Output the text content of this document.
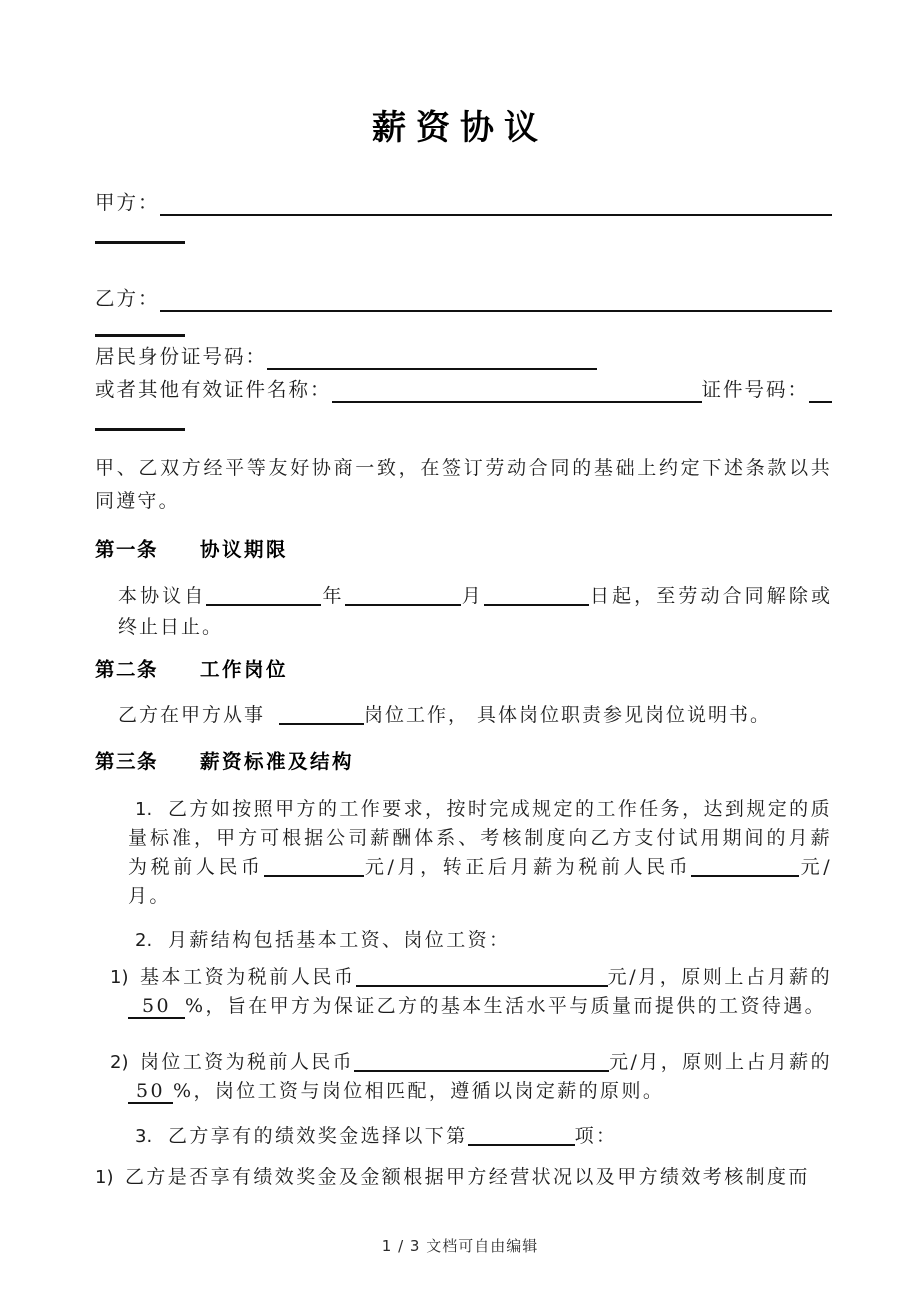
薪资协议
甲方：
乙方：
居民身份证号码：
或者其他有效证件名称：	证件号码：
甲、乙双方经平等友好协商一致，在签订劳动合同的基础上约定下述条款以共同遵守。
第一条 协议期限
本协议自	年	月	日起，至劳动合同解除或终止日止。
第二条 工作岗位
乙方在甲方从事	岗位工作， 具体岗位职责参见岗位说明书。
第三条 薪资标准及结构
1. 乙方如按照甲方的工作要求，按时完成规定的工作任务，达到规定的质量标准，甲方可根据公司薪酬体系、考核制度向乙方支付试用期间的月薪为税前人民币	元/月，转正后月薪为税前人民币	元/月。
2. 月薪结构包括基本工资、岗位工资：
1) 基本工资为税前人民币	元/月，原则上占月薪的50 %，旨在甲方为保证乙方的基本生活水平与质量而提供的工资待遇。
2) 岗位工资为税前人民币	元/月，原则上占月薪的50 %，岗位工资与岗位相匹配，遵循以岗定薪的原则。
3. 乙方享有的绩效奖金选择以下第	项：
1) 乙方是否享有绩效奖金及金额根据甲方经营状况以及甲方绩效考核制度而
1 / 3 文档可自由编辑
